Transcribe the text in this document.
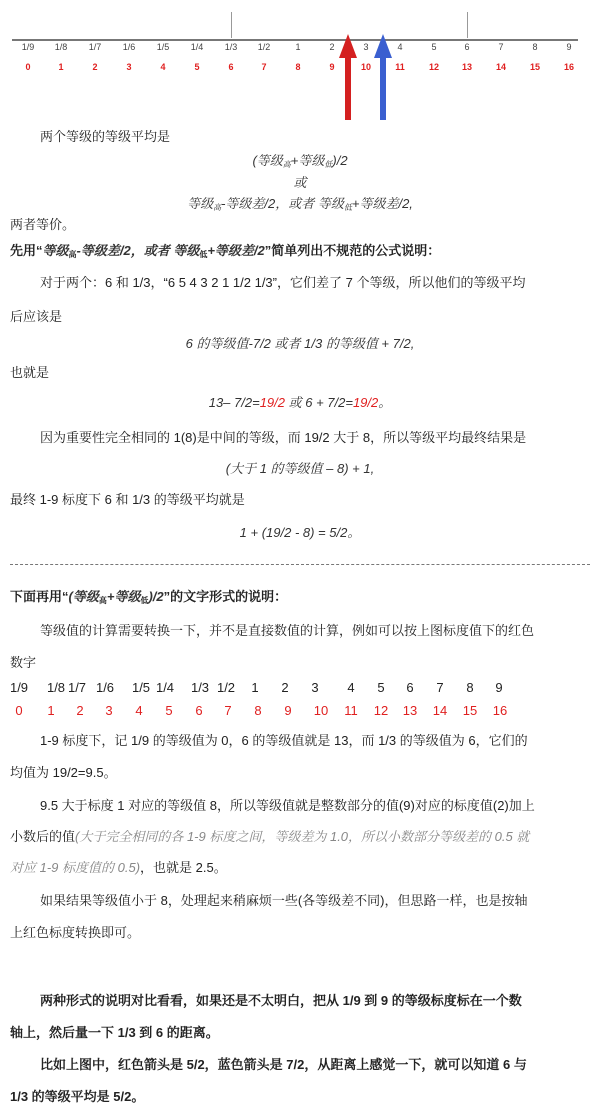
1/9 1/8 1/7 1/6 1/5 1/4 1/3 1/2	1	2	3	4	5	6	7	8	9
0	1	2	3	4	5	6	7	8	9	10	11	12	13	14	15	16
两个等级的等级平均是
(等级$_高$+等级$_低$)/2
或
等级$_高$-等级差/2，或者 等级$_低$+等级差/2,
两者等价。
先用“等级$_高$-等级差/2，或者 等级$_低$+等级差/2”简单列出不规范的公式说明：
对于两个：6 和 1/3，“6 5 4 3 2 1 1/2 1/3”，它们差了 7 个等级，所以他们的等级平均
后应该是
6 的等级值-7/2 或者 1/3 的等级值 + 7/2,
也就是
13– 7/2=19/2 或 6 + 7/2=19/2。
因为重要性完全相同的 1(8)是中间的等级，而 19/2 大于 8，所以等级平均最终结果是
(大于 1 的等级值 – 8) + 1,
最终 1-9 标度下 6 和 1/3 的等级平均就是
1 + (19/2 - 8) = 5/2。
下面再用“(等级$_高$+等级$_低$)/2”的文字形式的说明：
等级值的计算需要转换一下，并不是直接数值的计算，例如可以按上图标度值下的红色
数字
1/9 1/8 1/7 1/6 1/5 1/4 1/3 1/2 1 2 3 4 5 6 7 8 9
0 1 2 3 4 5 6 7 8 9 10 11 12 13 14 15 16
1-9 标度下，记 1/9 的等级值为 0，6 的等级值就是 13，而 1/3 的等级值为 6，它们的
均值为 19/2=9.5。
9.5 大于标度 1 对应的等级值 8，所以等级值就是整数部分的值(9)对应的标度值(2)加上
小数后的值(大于完全相同的各 1-9 标度之间，等级差为 1.0，所以小数部分等级差的 0.5 就
对应 1-9 标度值的 0.5)，也就是 2.5。
如果结果等级值小于 8，处理起来稍麻烦一些(各等级差不同)，但思路一样，也是按轴
上红色标度转换即可。
两种形式的说明对比看看，如果还是不太明白，把从 1/9 到 9 的等级标度标在一个数
轴上，然后量一下 1/3 到 6 的距离。
比如上图中，红色箭头是 5/2，蓝色箭头是 7/2，从距离上感觉一下，就可以知道 6 与
1/3 的等级平均是 5/2。
